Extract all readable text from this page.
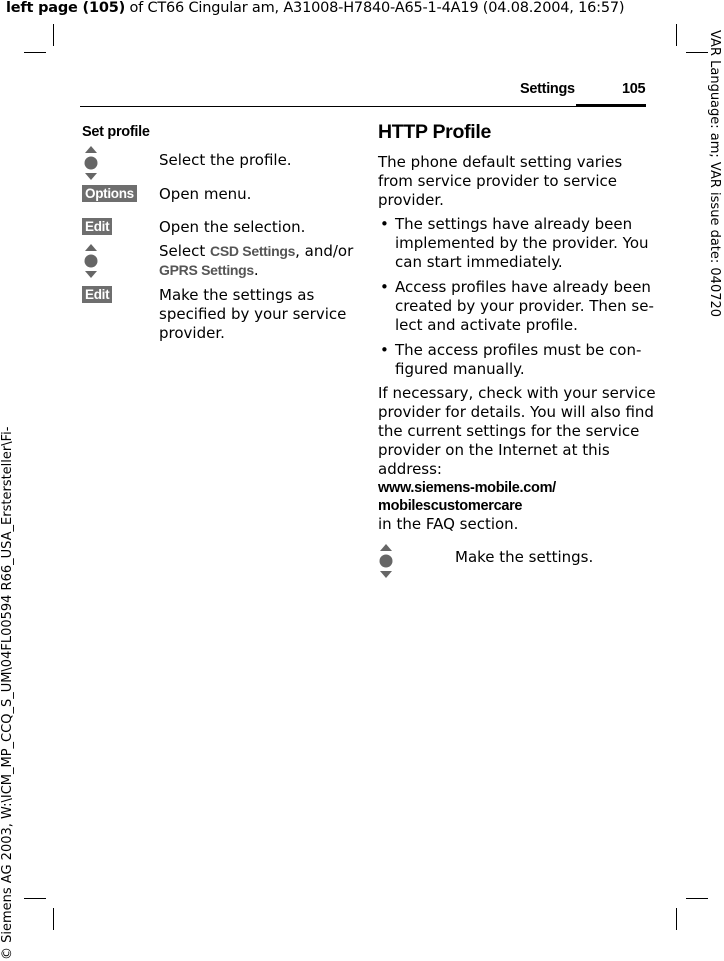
left page (105) of CT66 Cingular am, A31008-H7840-A65-1-4A19 (04.08.2004, 16:57)
VAR Language: am; VAR issue date: 040720
© Siemens AG 2003, W:\ICM_MP_CCQ_S_UM\04FL00594 R66_USA_Erstersteller\Fi-
Settings	105
Set profile
Select the profile.
Options Open menu.
Edit	Open the selection.
Select CSD Settings, and/or
GPRS Settings.
Edit	Make the settings as
specified by your service
provider.
HTTP Profile
The phone default setting varies
from service provider to service
provider.
• The settings have already been
implemented by the provider. You
can start immediately.
• Access profiles have already been
created by your provider. Then se-
lect and activate profile.
• The access profiles must be con-
figured manually.
If necessary, check with your service
provider for details. You will also find
the current settings for the service
provider on the Internet at this
address:
www.siemens-mobile.com/
mobilescustomercare
in the FAQ section.
Make the settings.
